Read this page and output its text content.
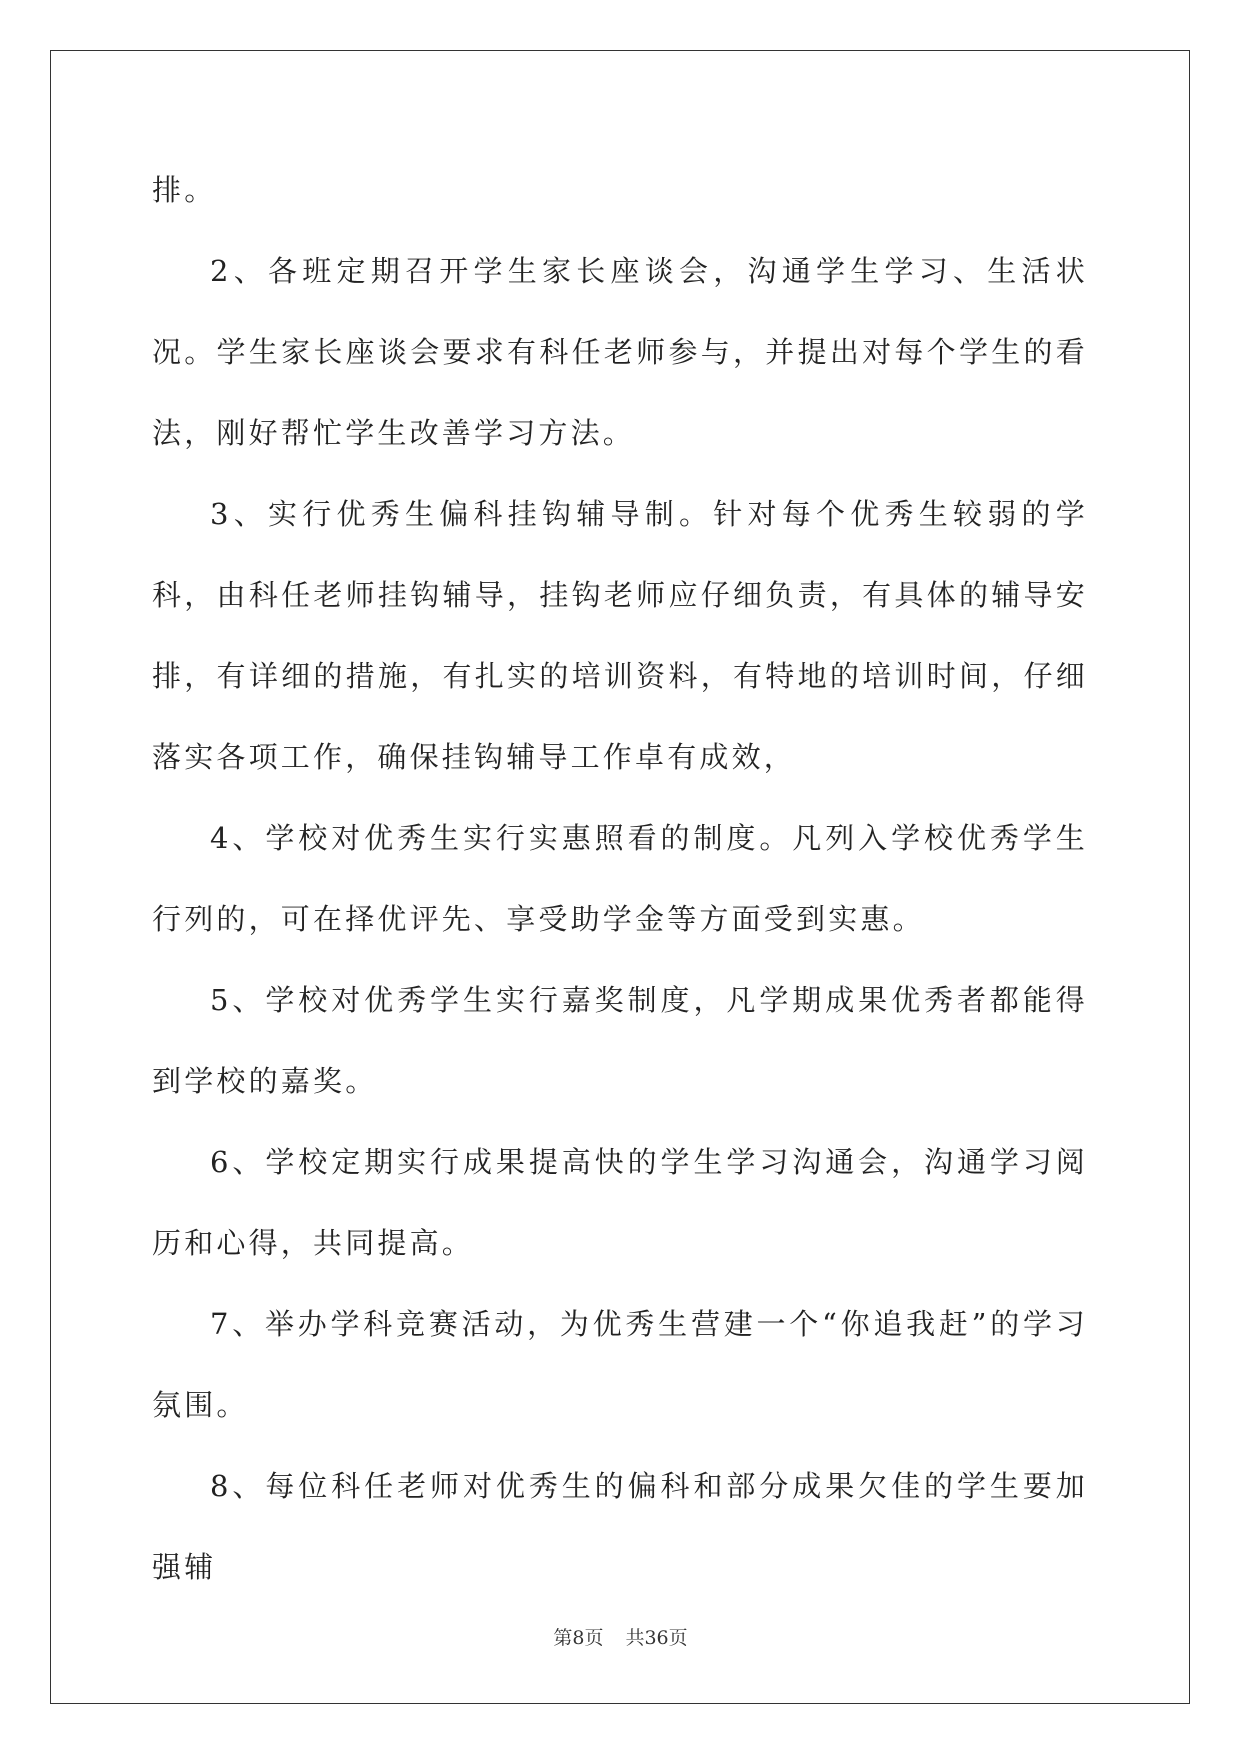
排。

2、各班定期召开学生家长座谈会，沟通学生学习、生活状况。学生家长座谈会要求有科任老师参与，并提出对每个学生的看法，刚好帮忙学生改善学习方法。

3、实行优秀生偏科挂钩辅导制。针对每个优秀生较弱的学科，由科任老师挂钩辅导，挂钩老师应仔细负责，有具体的辅导安排，有详细的措施，有扎实的培训资料，有特地的培训时间，仔细落实各项工作，确保挂钩辅导工作卓有成效，

4、学校对优秀生实行实惠照看的制度。凡列入学校优秀学生行列的，可在择优评先、享受助学金等方面受到实惠。

5、学校对优秀学生实行嘉奖制度，凡学期成果优秀者都能得到学校的嘉奖。

6、学校定期实行成果提高快的学生学习沟通会，沟通学习阅历和心得，共同提高。

7、举办学科竞赛活动，为优秀生营建一个“你追我赶”的学习氛围。

8、每位科任老师对优秀生的偏科和部分成果欠佳的学生要加强辅

第8页 共36页
